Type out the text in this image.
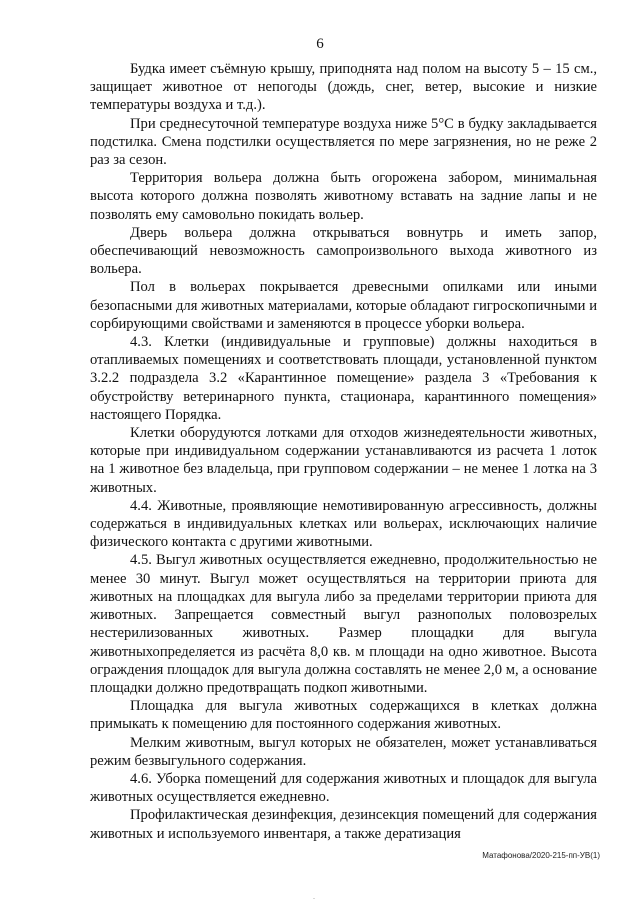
6

Будка имеет съёмную крышу, приподнята над полом на высоту 5 – 15 см., защищает животное от непогоды (дождь, снег, ветер, высокие и низкие температуры воздуха и т.д.).

При среднесуточной температуре воздуха ниже 5°C в будку закладывается подстилка. Смена подстилки осуществляется по мере загрязнения, но не реже 2 раз за сезон.

Территория вольера должна быть огорожена забором, минимальная высота которого должна позволять животному вставать на задние лапы и не позволять ему самовольно покидать вольер.

Дверь вольера должна открываться вовнутрь и иметь запор, обеспечивающий невозможность самопроизвольного выхода животного из вольера.

Пол в вольерах покрывается древесными опилками или иными безопасными для животных материалами, которые обладают гигроскопичными и сорбирующими свойствами и заменяются в процессе уборки вольера.

4.3. Клетки (индивидуальные и групповые) должны находиться в отапливаемых помещениях и соответствовать площади, установленной пунктом 3.2.2 подраздела 3.2 «Карантинное помещение» раздела 3 «Требования к обустройству ветеринарного пункта, стационара, карантинного помещения» настоящего Порядка.

Клетки оборудуются лотками для отходов жизнедеятельности животных, которые при индивидуальном содержании устанавливаются из расчета 1 лоток на 1 животное без владельца, при групповом содержании – не менее 1 лотка на 3 животных.

4.4. Животные, проявляющие немотивированную агрессивность, должны содержаться в индивидуальных клетках или вольерах, исключающих наличие физического контакта с другими животными.

4.5. Выгул животных осуществляется ежедневно, продолжительностью не менее 30 минут. Выгул может осуществляться на территории приюта для животных на площадках для выгула либо за пределами территории приюта для животных. Запрещается совместный выгул разнополых половозрелых нестерилизованных животных. Размер площадки для выгула животныхопределяется из расчёта 8,0 кв. м площади на одно животное. Высота ограждения площадок для выгула должна составлять не менее 2,0 м, а основание площадки должно предотвращать подкоп животными.

Площадка для выгула животных содержащихся в клетках должна примыкать к помещению для постоянного содержания животных.

Мелким животным, выгул которых не обязателен, может устанавливаться режим безвыгульного содержания.

4.6. Уборка помещений для содержания животных и площадок для выгула животных осуществляется ежедневно.

Профилактическая дезинфекция, дезинсекция помещений для содержания животных и используемого инвентаря, а также дератизация

Матафонова/2020-215-пп-УВ(1)
.
